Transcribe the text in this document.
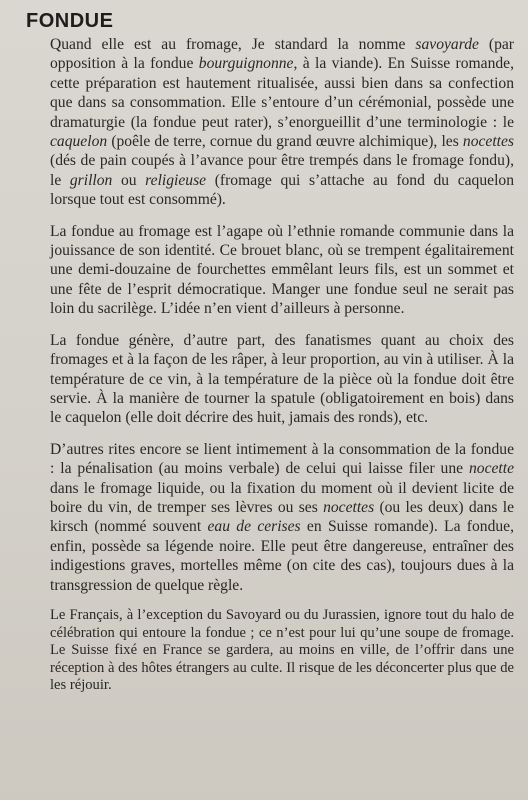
FONDUE

Quand elle est au fromage, Je standard la nomme savoyarde (par opposition à la fondue bourguignonne, à la viande). En Suisse romande, cette préparation est hautement ritualisée, aussi bien dans sa confection que dans sa consommation. Elle s’entoure d’un cérémonial, possède une dramaturgie (la fondue peut rater), s’enorgueillit d’une terminologie : le caquelon (poêle de terre, cornue du grand œuvre alchimique), les nocettes (dés de pain coupés à l’avance pour être trempés dans le fromage fondu), le grillon ou religieuse (fromage qui s’attache au fond du caquelon lorsque tout est consommé).

La fondue au fromage est l’agape où l’ethnie romande communie dans la jouissance de son identité. Ce brouet blanc, où se trempent égalitairement une demi-douzaine de fourchettes emmêlant leurs fils, est un sommet et une fête de l’esprit démocratique. Manger une fondue seul ne serait pas loin du sacrilège. L’idée n’en vient d’ailleurs à personne.

La fondue génère, d’autre part, des fanatismes quant au choix des fromages et à la façon de les râper, à leur proportion, au vin à utiliser. À la température de ce vin, à la température de la pièce où la fondue doit être servie. À la manière de tourner la spatule (obligatoirement en bois) dans le caquelon (elle doit décrire des huit, jamais des ronds), etc.

D’autres rites encore se lient intimement à la consommation de la fondue : la pénalisation (au moins verbale) de celui qui laisse filer une nocette dans le fromage liquide, ou la fixation du moment où il devient licite de boire du vin, de tremper ses lèvres ou ses nocettes (ou les deux) dans le kirsch (nommé souvent eau de cerises en Suisse romande). La fondue, enfin, possède sa légende noire. Elle peut être dangereuse, entraîner des indigestions graves, mortelles même (on cite des cas), toujours dues à la transgression de quelque règle.

Le Français, à l’exception du Savoyard ou du Jurassien, ignore tout du halo de célébration qui entoure la fondue ; ce n’est pour lui qu’une soupe de fromage. Le Suisse fixé en France se gardera, au moins en ville, de l’offrir dans une réception à des hôtes étrangers au culte. Il risque de les déconcerter plus que de les réjouir.
